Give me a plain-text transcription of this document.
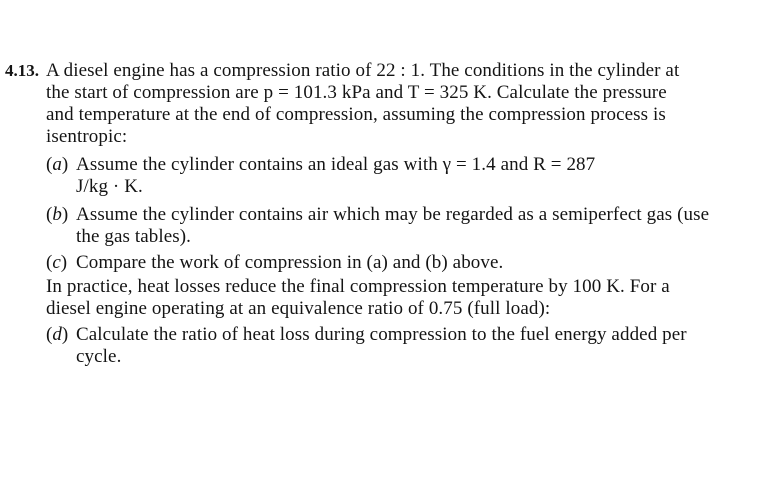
4.13. A diesel engine has a compression ratio of 22 : 1. The conditions in the cylinder at
the start of compression are p = 101.3 kPa and T = 325 K. Calculate the pressure
and temperature at the end of compression, assuming the compression process is
isentropic:
(a) Assume the cylinder contains an ideal gas with γ = 1.4 and R = 287
J/kg · K.
(b) Assume the cylinder contains air which may be regarded as a semiperfect gas (use
the gas tables).
(c) Compare the work of compression in (a) and (b) above.
In practice, heat losses reduce the final compression temperature by 100 K. For a
diesel engine operating at an equivalence ratio of 0.75 (full load):
(d) Calculate the ratio of heat loss during compression to the fuel energy added per
cycle.
